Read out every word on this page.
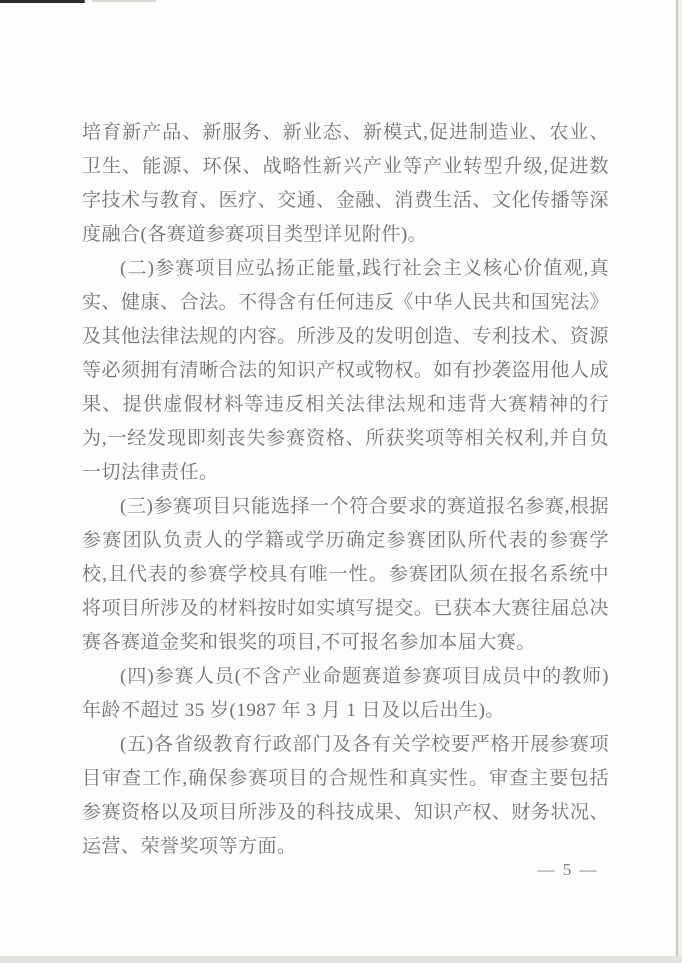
培育新产品、新服务、新业态、新模式,促进制造业、农业、卫生、能源、环保、战略性新兴产业等产业转型升级,促进数字技术与教育、医疗、交通、金融、消费生活、文化传播等深度融合(各赛道参赛项目类型详见附件)。

(二)参赛项目应弘扬正能量,践行社会主义核心价值观,真实、健康、合法。不得含有任何违反《中华人民共和国宪法》及其他法律法规的内容。所涉及的发明创造、专利技术、资源等必须拥有清晰合法的知识产权或物权。如有抄袭盗用他人成果、提供虚假材料等违反相关法律法规和违背大赛精神的行为,一经发现即刻丧失参赛资格、所获奖项等相关权利,并自负一切法律责任。

(三)参赛项目只能选择一个符合要求的赛道报名参赛,根据参赛团队负责人的学籍或学历确定参赛团队所代表的参赛学校,且代表的参赛学校具有唯一性。参赛团队须在报名系统中将项目所涉及的材料按时如实填写提交。已获本大赛往届总决赛各赛道金奖和银奖的项目,不可报名参加本届大赛。

(四)参赛人员(不含产业命题赛道参赛项目成员中的教师)年龄不超过 35 岁(1987 年 3 月 1 日及以后出生)。

(五)各省级教育行政部门及各有关学校要严格开展参赛项目审查工作,确保参赛项目的合规性和真实性。审查主要包括参赛资格以及项目所涉及的科技成果、知识产权、财务状况、运营、荣誉奖项等方面。

— 5 —
